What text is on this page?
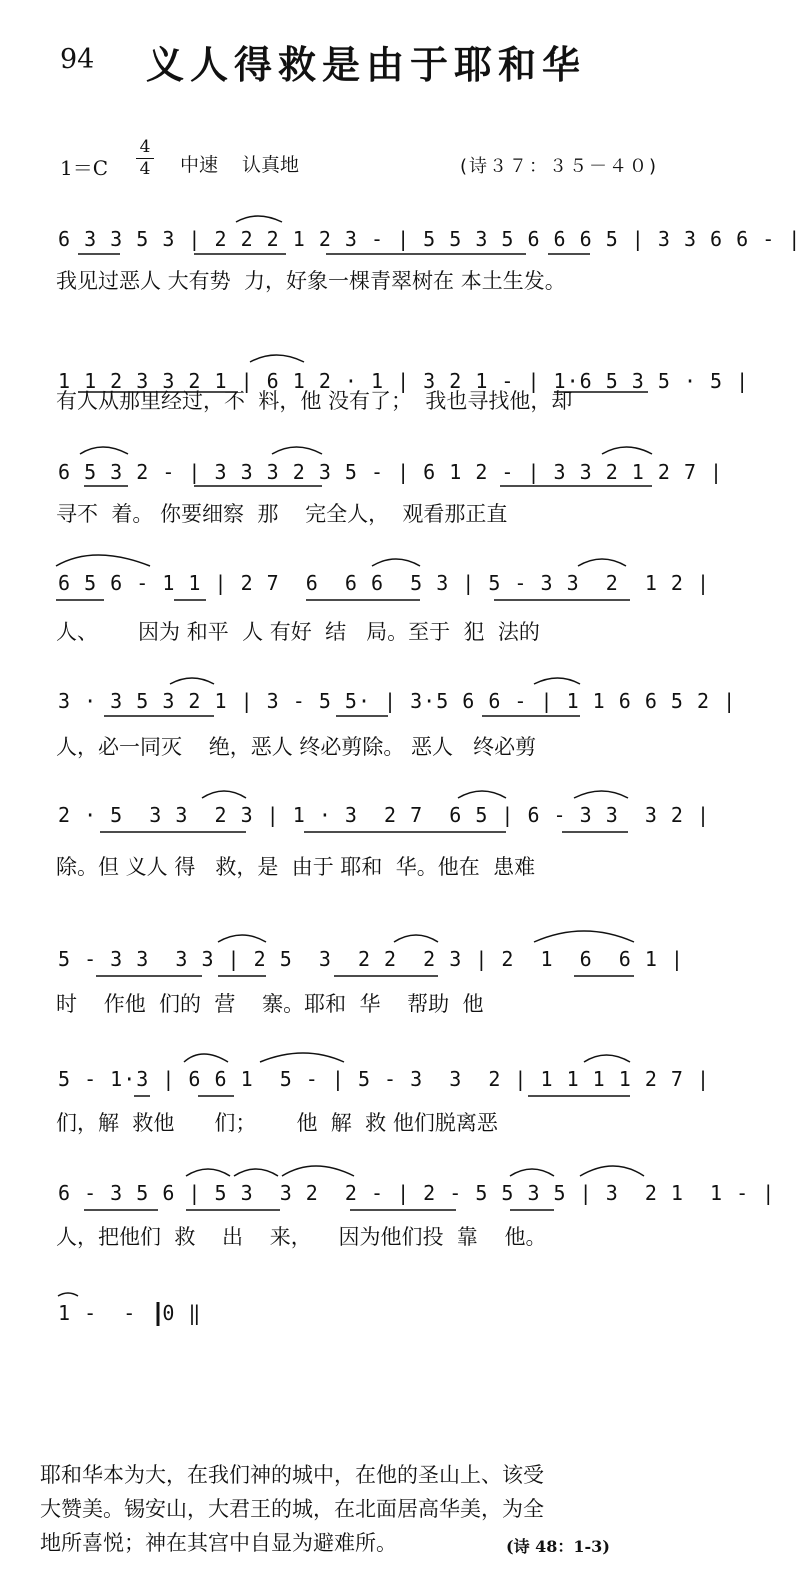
94 义人得救是由于耶和华
1＝C
4
4 中速 认真地	(诗３７：３５－４０)
6 3 3 5 3 | 2 2 2 1 2 3 - | 5 5 3 5 6 6 6 5 | 3 3 6 6 - |
我见过恶人 大有势  力，好象一棵青翠树在 本土生发。
1 1 2 3 3 2 1 | 6 1 2 · 1 | 3 2 1 - | 1·6 5 3 5 · 5 |
有人从那里经过，不  料，他 没有了；  我也寻找他，却
6 5 3 2 - | 3 3 3 2 3 5 - | 6 1 2 - | 3 3 2 1 2 7 |
寻不  着。 你要细察  那    完全人，  观看那正直
6 5 6 - 1 1 | 2 7  6  6 6  5 3 | 5 - 3 3  2  1 2 |
人、      因为 和平  人 有好  结   局。至于  犯  法的
3 · 3 5 3 2 1 | 3 - 5 5· | 3·5 6 6 - | 1 1 6 6 5 2 |
人，必一同灭    绝，恶人 终必剪除。 恶人   终必剪
2 · 5  3 3  2 3 | 1 · 3  2 7  6 5 | 6 - 3 3  3 2 |
除。但 义人 得   救，是  由于 耶和  华。他在  患难
5 - 3 3  3 3 | 2 5  3  2 2  2 3 | 2  1  6  6 1 |
时    作他  们的  营    寨。耶和  华    帮助  他
5 - 1·3 | 6 6 1  5 - | 5 - 3  3  2 | 1 1 1 1 2 7 |
们，解  救他      们；      他  解  救 他们脱离恶
6 - 3 5 6 | 5 3  3 2  2 - | 2 - 5 5 3 5 | 3  2 1  1 - |
人，把他们  救    出    来，    因为他们投  靠    他。
1 -  -  0 ‖
耶和华本为大，在我们神的城中，在他的圣山上、该受
大赞美。锡安山，大君王的城，在北面居高华美，为全
地所喜悦；神在其宫中自显为避难所。	(诗 48：1-3)
